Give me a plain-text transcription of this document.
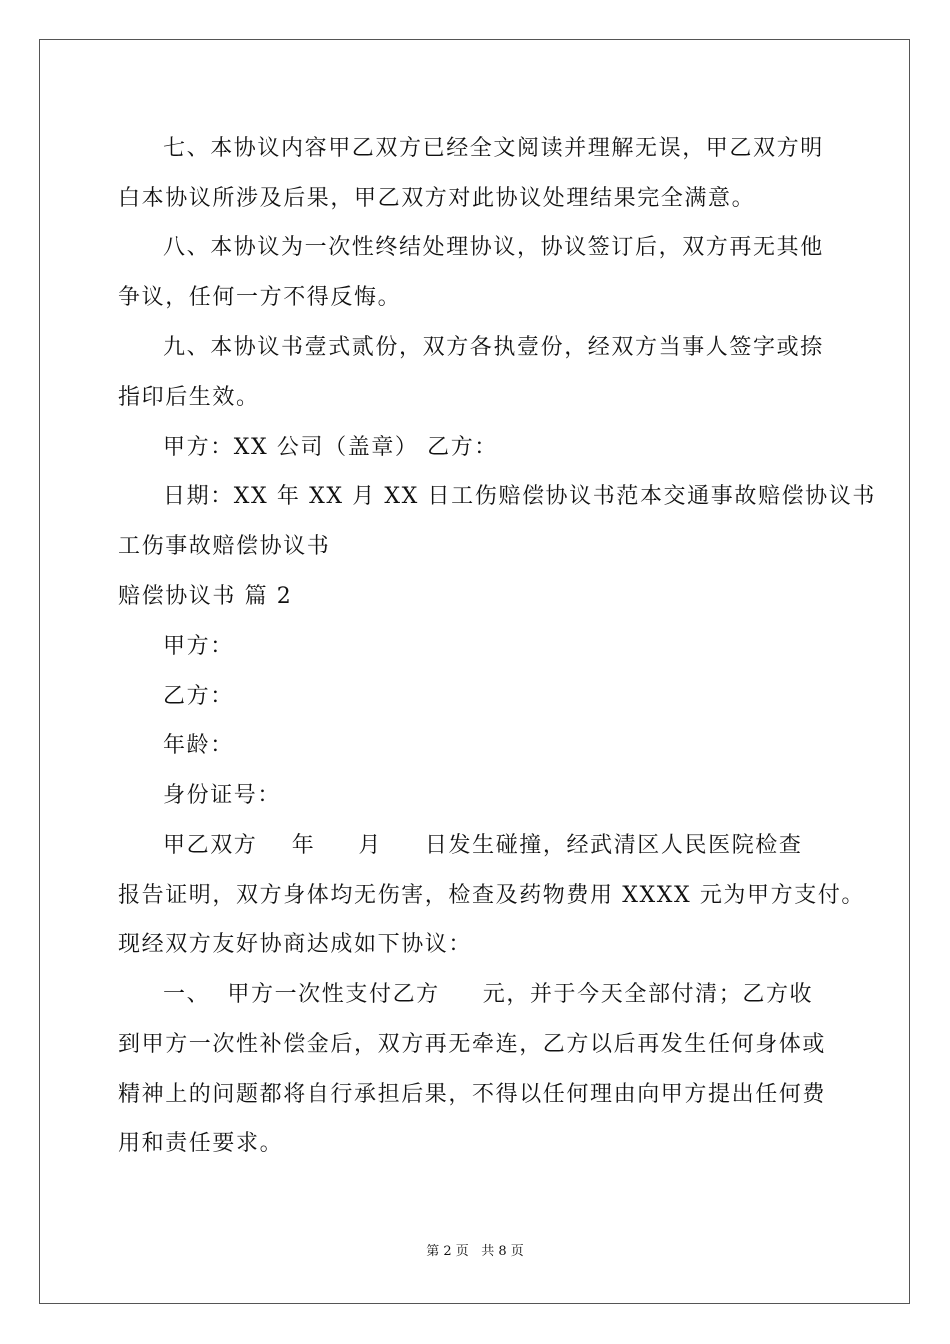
七、本协议内容甲乙双方已经全文阅读并理解无误，甲乙双方明
白本协议所涉及后果，甲乙双方对此协议处理结果完全满意。
八、本协议为一次性终结处理协议，协议签订后，双方再无其他
争议，任何一方不得反悔。
九、本协议书壹式贰份，双方各执壹份，经双方当事人签字或捺
指印后生效。
甲方：XX 公司（盖章） 乙方：
日期：XX 年 XX 月 XX 日工伤赔偿协议书范本交通事故赔偿协议书
工伤事故赔偿协议书
赔偿协议书 篇 2
甲方：
乙方：
年龄：
身份证号：
甲乙双方    年     月     日发生碰撞，经武清区人民医院检查
报告证明，双方身体均无伤害，检查及药物费用 XXXX 元为甲方支付。
现经双方友好协商达成如下协议：
一、  甲方一次性支付乙方     元，并于今天全部付清；乙方收
到甲方一次性补偿金后，双方再无牵连，乙方以后再发生任何身体或
精神上的问题都将自行承担后果，不得以任何理由向甲方提出任何费
用和责任要求。
第 2 页   共 8 页
